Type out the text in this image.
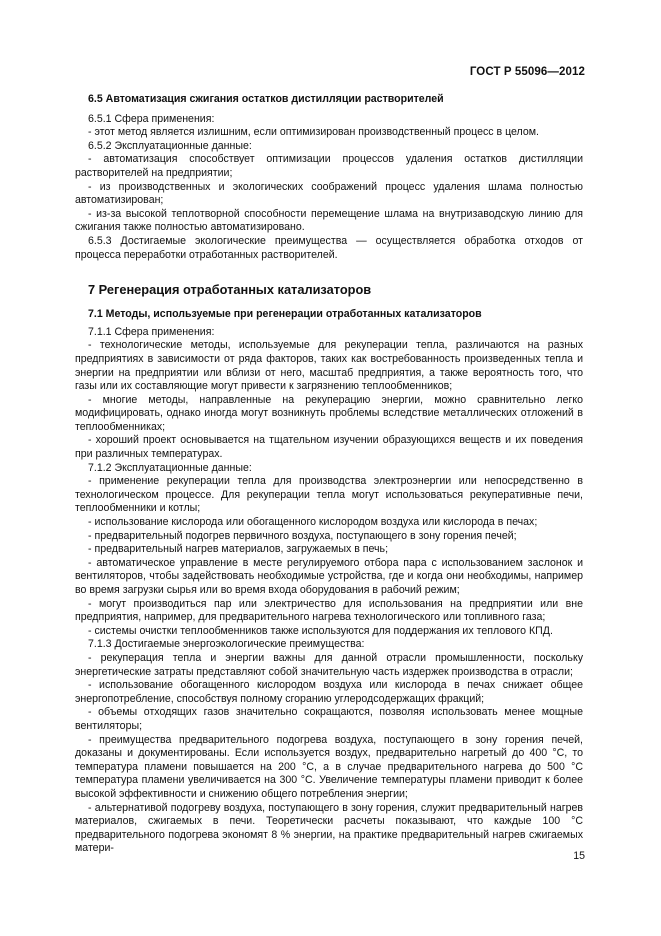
ГОСТ Р 55096—2012

6.5 Автоматизация сжигания остатков дистилляции растворителей

6.5.1 Сфера применения:

- этот метод является излишним, если оптимизирован производственный процесс в целом.

6.5.2 Эксплуатационные данные:

- автоматизация способствует оптимизации процессов удаления остатков дистилляции растворителей на предприятии;

- из производственных и экологических соображений процесс удаления шлама полностью автоматизирован;

- из-за высокой теплотворной способности перемещение шлама на внутризаводскую линию для сжигания также полностью автоматизировано.

6.5.3 Достигаемые экологические преимущества — осуществляется обработка отходов от процесса переработки отработанных растворителей.

7 Регенерация отработанных катализаторов

7.1 Методы, используемые при регенерации отработанных катализаторов

7.1.1 Сфера применения:

- технологические методы, используемые для рекуперации тепла, различаются на разных предприятиях в зависимости от ряда факторов, таких как востребованность произведенных тепла и энергии на предприятии или вблизи от него, масштаб предприятия, а также вероятность того, что газы или их составляющие могут привести к загрязнению теплообменников;

- многие методы, направленные на рекуперацию энергии, можно сравнительно легко модифицировать, однако иногда могут возникнуть проблемы вследствие металлических отложений в теплообменниках;

- хороший проект основывается на тщательном изучении образующихся веществ и их поведения при различных температурах.

7.1.2 Эксплуатационные данные:

- применение рекуперации тепла для производства электроэнергии или непосредственно в технологическом процессе. Для рекуперации тепла могут использоваться рекуперативные печи, теплообменники и котлы;

- использование кислорода или обогащенного кислородом воздуха или кислорода в печах;

- предварительный подогрев первичного воздуха, поступающего в зону горения печей;

- предварительный нагрев материалов, загружаемых в печь;

- автоматическое управление в месте регулируемого отбора пара с использованием заслонок и вентиляторов, чтобы задействовать необходимые устройства, где и когда они необходимы, например во время загрузки сырья или во время входа оборудования в рабочий режим;

- могут производиться пар или электричество для использования на предприятии или вне предприятия, например, для предварительного нагрева технологического или топливного газа;

- системы очистки теплообменников также используются для поддержания их теплового КПД.

7.1.3 Достигаемые энергоэкологические преимущества:

- рекуперация тепла и энергии важны для данной отрасли промышленности, поскольку энергетические затраты представляют собой значительную часть издержек производства в отрасли;

- использование обогащенного кислородом воздуха или кислорода в печах снижает общее энергопотребление, способствуя полному сгоранию углеродсодержащих фракций;

- объемы отходящих газов значительно сокращаются, позволяя использовать менее мощные вентиляторы;

- преимущества предварительного подогрева воздуха, поступающего в зону горения печей, доказаны и документированы. Если используется воздух, предварительно нагретый до 400 °С, то температура пламени повышается на 200 °С, а в случае предварительного нагрева до 500 °С температура пламени увеличивается на 300 °С. Увеличение температуры пламени приводит к более высокой эффективности и снижению общего потребления энергии;

- альтернативой подогреву воздуха, поступающего в зону горения, служит предварительный нагрев материалов, сжигаемых в печи. Теоретически расчеты показывают, что каждые 100 °С предварительного подогрева экономят 8 % энергии, на практике предварительный нагрев сжигаемых матери-

15
